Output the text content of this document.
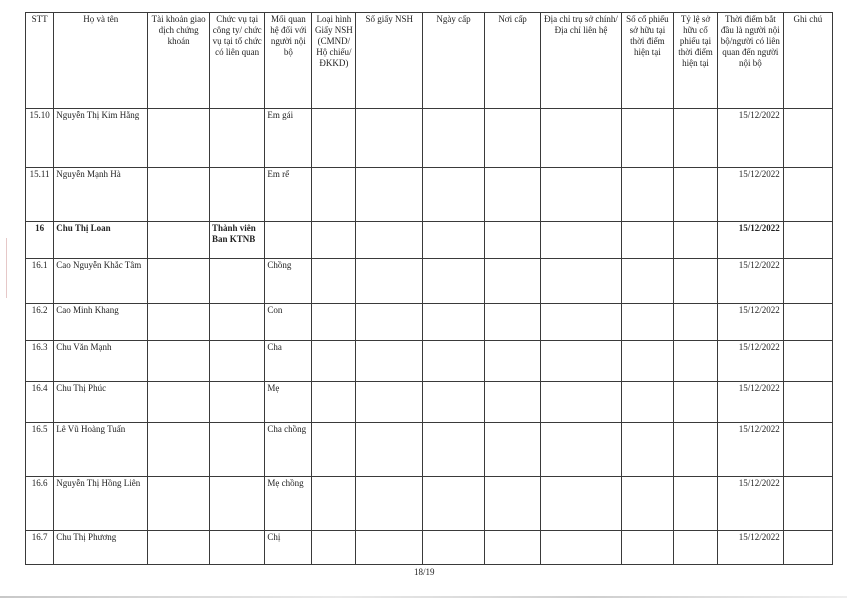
STT	Họ và tên	Tài khoản giao dịch chứng khoán	Chức vụ tại công ty/ chức vụ tại tổ chức có liên quan	Mối quan hệ đối với người nội bộ	Loại hình Giấy NSH (CMND/ Hộ chiếu/ ĐKKD)	Số giấy NSH	Ngày cấp	Nơi cấp	Địa chỉ trụ sở chính/Địa chỉ liên hệ	Số cổ phiếu sở hữu tại thời điểm hiện tại	Tỷ lệ sở hữu cổ phiếu tại thời điểm hiện tại	Thời điểm bắt đầu là người nội bộ/người có liên quan đến người nội bộ	Ghi chú
15.10	Nguyễn Thị Kim Hằng			Em gái								15/12/2022	
15.11	Nguyễn Mạnh Hà			Em rể								15/12/2022	
16	Chu Thị Loan		Thành viên Ban KTNB									15/12/2022	
16.1	Cao Nguyễn Khắc Tâm			Chồng								15/12/2022	
16.2	Cao Minh Khang			Con								15/12/2022	
16.3	Chu Văn Mạnh			Cha								15/12/2022	
16.4	Chu Thị Phúc			Mẹ								15/12/2022	
16.5	Lê Vũ Hoàng Tuấn			Cha chồng								15/12/2022	
16.6	Nguyễn Thị Hồng Liên			Mẹ chồng								15/12/2022	
16.7	Chu Thị Phương			Chị								15/12/2022	
18/19
